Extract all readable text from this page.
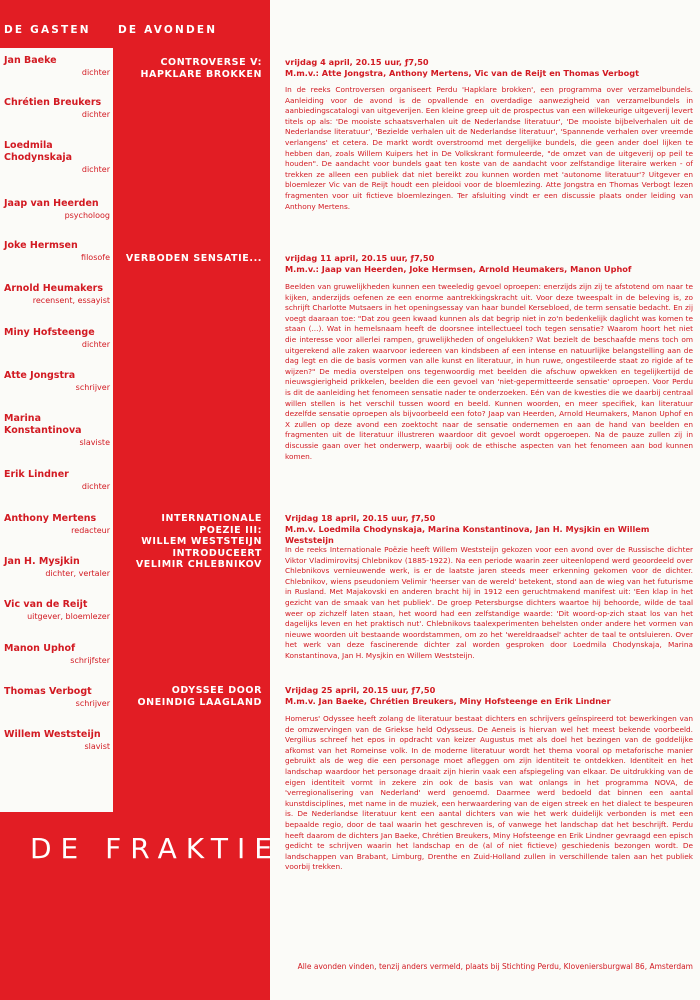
DE GASTEN	DE AVONDEN
Jan Baeke
dichter
Chrétien Breukers
dichter
Loedmila
Chodynskaja
dichter
Jaap van Heerden
psycholoog
Joke Hermsen
filosofe
Arnold Heumakers
recensent, essayist
Miny Hofsteenge
dichter
Atte Jongstra
schrijver
Marina
Konstantinova
slaviste
Erik Lindner
dichter
Anthony Mertens
redacteur
Jan H. Mysjkin
dichter, vertaler
Vic van de Reijt
uitgever, bloemlezer
Manon Uphof
schrijfster
Thomas Verbogt
schrijver
Willem Weststeijn
slavist
CONTROVERSE V:
HAPKLARE BROKKEN
vrijdag 4 april, 20.15 uur, ƒ7,50
M.m.v.: Atte Jongstra, Anthony Mertens, Vic van de Reijt en Thomas Verbogt
In de reeks Controversen organiseert Perdu 'Hapklare brokken', een programma over verzamelbundels. Aanleiding voor de avond is de opvallende en overdadige aanwezigheid van verzamelbundels in aanbiedingscatalogi van uitgeverijen. Een kleine greep uit de prospectus van een willekeurige uitgeverij levert titels op als: 'De mooiste schaatsverhalen uit de Nederlandse literatuur', 'De mooiste bijbelverhalen uit de Nederlandse literatuur', 'Bezielde verhalen uit de Nederlandse literatuur', 'Spannende verhalen over vreemde verlangens' et cetera. De markt wordt overstroomd met dergelijke bundels, die geen ander doel lijken te hebben dan, zoals Willem Kuipers het in De Volkskrant formuleerde, "de omzet van de uitgeverij op peil te houden". De aandacht voor bundels gaat ten koste van de aandacht voor zelfstandige literaire werken - of trekken ze alleen een publiek dat niet bereikt zou kunnen worden met 'autonome literatuur'? Uitgever en bloemlezer Vic van de Reijt houdt een pleidooi voor de bloemlezing. Atte Jongstra en Thomas Verbogt lezen fragmenten voor uit fictieve bloemlezingen. Ter afsluiting vindt er een discussie plaats onder leiding van Anthony Mertens.
VERBODEN SENSATIE...	vrijdag 11 april, 20.15 uur, ƒ7,50
M.m.v.: Jaap van Heerden, Joke Hermsen, Arnold Heumakers, Manon Uphof
Beelden van gruwelijkheden kunnen een tweeledig gevoel oproepen: enerzijds zijn zij te afstotend om naar te kijken, anderzijds oefenen ze een enorme aantrekkingskracht uit. Voor deze tweespalt in de beleving is, zo schrijft Charlotte Mutsaers in het openingsessay van haar bundel Kersebloed, de term sensatie bedacht. En zij voegt daaraan toe: "Dat zou geen kwaad kunnen als dat begrip niet in zo'n bedenkelijk daglicht was komen te staan (...). Wat in hemelsnaam heeft de doorsnee intellectueel toch tegen sensatie? Waarom hoort het niet die interesse voor allerlei rampen, gruwelijkheden of ongelukken? Wat bezielt de beschaafde mens toch om uitgerekend alle zaken waarvoor iedereen van kindsbeen af een intense en natuurlijke belangstelling aan de dag legt en die de basis vormen van alle kunst en literatuur, in hun ruwe, ongestileerde staat zo rigide af te wijzen?" De media overstelpen ons tegenwoordig met beelden die afschuw opwekken en tegelijkertijd de nieuwsgierigheid prikkelen, beelden die een gevoel van 'niet-gepermitteerde sensatie' oproepen. Voor Perdu is dit de aanleiding het fenomeen sensatie nader te onderzoeken. Eén van de kwesties die we daarbij centraal willen stellen is het verschil tussen woord en beeld. Kunnen woorden, en meer specifiek, kan literatuur dezelfde sensatie oproepen als bijvoorbeeld een foto? Jaap van Heerden, Arnold Heumakers, Manon Uphof en X zullen op deze avond een zoektocht naar de sensatie ondernemen en aan de hand van beelden en fragmenten uit de literatuur illustreren waardoor dit gevoel wordt opgeroepen. Na de pauze zullen zij in discussie gaan over het onderwerp, waarbij ook de ethische aspecten van het fenomeen aan bod kunnen komen.
INTERNATIONALE
POEZIE III:
WILLEM WESTSTEIJN
INTRODUCEERT
VELIMIR CHLEBNIKOV
Vrijdag 18 april, 20.15 uur, ƒ7,50
M.m.v. Loedmila Chodynskaja, Marina Konstantinova, Jan H. Mysjkin en Willem Weststeijn
In de reeks Internationale Poëzie heeft Willem Weststeijn gekozen voor een avond over de Russische dichter Viktor Vladimirovitsj Chlebnikov (1885-1922). Na een periode waarin zeer uiteenlopend werd geoordeeld over Chlebnikovs vernieuwende werk, is er de laatste jaren steeds meer erkenning gekomen voor de dichter. Chlebnikov, wiens pseudoniem Velimir 'heerser van de wereld' betekent, stond aan de wieg van het futurisme in Rusland. Met Majakovski en anderen bracht hij in 1912 een geruchtmakend manifest uit: 'Een klap in het gezicht van de smaak van het publiek'. De groep Petersburgse dichters waartoe hij behoorde, wilde de taal weer op zichzelf laten staan, het woord had een zelfstandige waarde: 'Dit woord-op-zich staat los van het dagelijks leven en het praktisch nut'. Chlebnikovs taalexperimenten behelsten onder andere het vormen van nieuwe woorden uit bestaande woordstammen, om zo het 'wereldraadsel' achter de taal te ontsluieren. Over het werk van deze fascinerende dichter zal worden gesproken door Loedmila Chodynskaja, Marina Konstantinova, Jan H. Mysjkin en Willem Weststeijn.
ODYSSEE DOOR
ONEINDIG LAAGLAND
Vrijdag 25 april, 20.15 uur, ƒ7,50
M.m.v. Jan Baeke, Chrétien Breukers, Miny Hofsteenge en Erik Lindner
Homerus' Odyssee heeft zolang de literatuur bestaat dichters en schrijvers geïnspireerd tot bewerkingen van de omzwervingen van de Griekse held Odysseus. De Aeneis is hiervan wel het meest bekende voorbeeld. Vergilius schreef het epos in opdracht van keizer Augustus met als doel het bezingen van de goddelijke afkomst van het Romeinse volk. In de moderne literatuur wordt het thema vooral op metaforische manier gebruikt als de weg die een personage moet afleggen om zijn identiteit te ontdekken. Identiteit en het landschap waardoor het personage draait zijn hierin vaak een afspiegeling van elkaar. De uitdrukking van de eigen identiteit vormt in zekere zin ook de basis van wat onlangs in het programma NOVA, de 'verregionalisering van Nederland' werd genoemd. Daarmee werd bedoeld dat binnen een aantal kunstdisciplines, met name in de muziek, een herwaardering van de eigen streek en het dialect te bespeuren is. De Nederlandse literatuur kent een aantal dichters van wie het werk duidelijk verbonden is met een bepaalde regio, door de taal waarin het geschreven is, of vanwege het landschap dat het beschrijft. Perdu heeft daarom de dichters Jan Baeke, Chrétien Breukers, Miny Hofsteenge en Erik Lindner gevraagd een episch gedicht te schrijven waarin het landschap en de (al of niet fictieve) geschiedenis bezongen wordt. De landschappen van Brabant, Limburg, Drenthe en Zuid-Holland zullen in verschillende talen aan het publiek voorbij trekken.
DE FRAKTIE
Alle avonden vinden, tenzij anders vermeld, plaats bij Stichting Perdu, Kloveniersburgwal 86, Amsterdam
